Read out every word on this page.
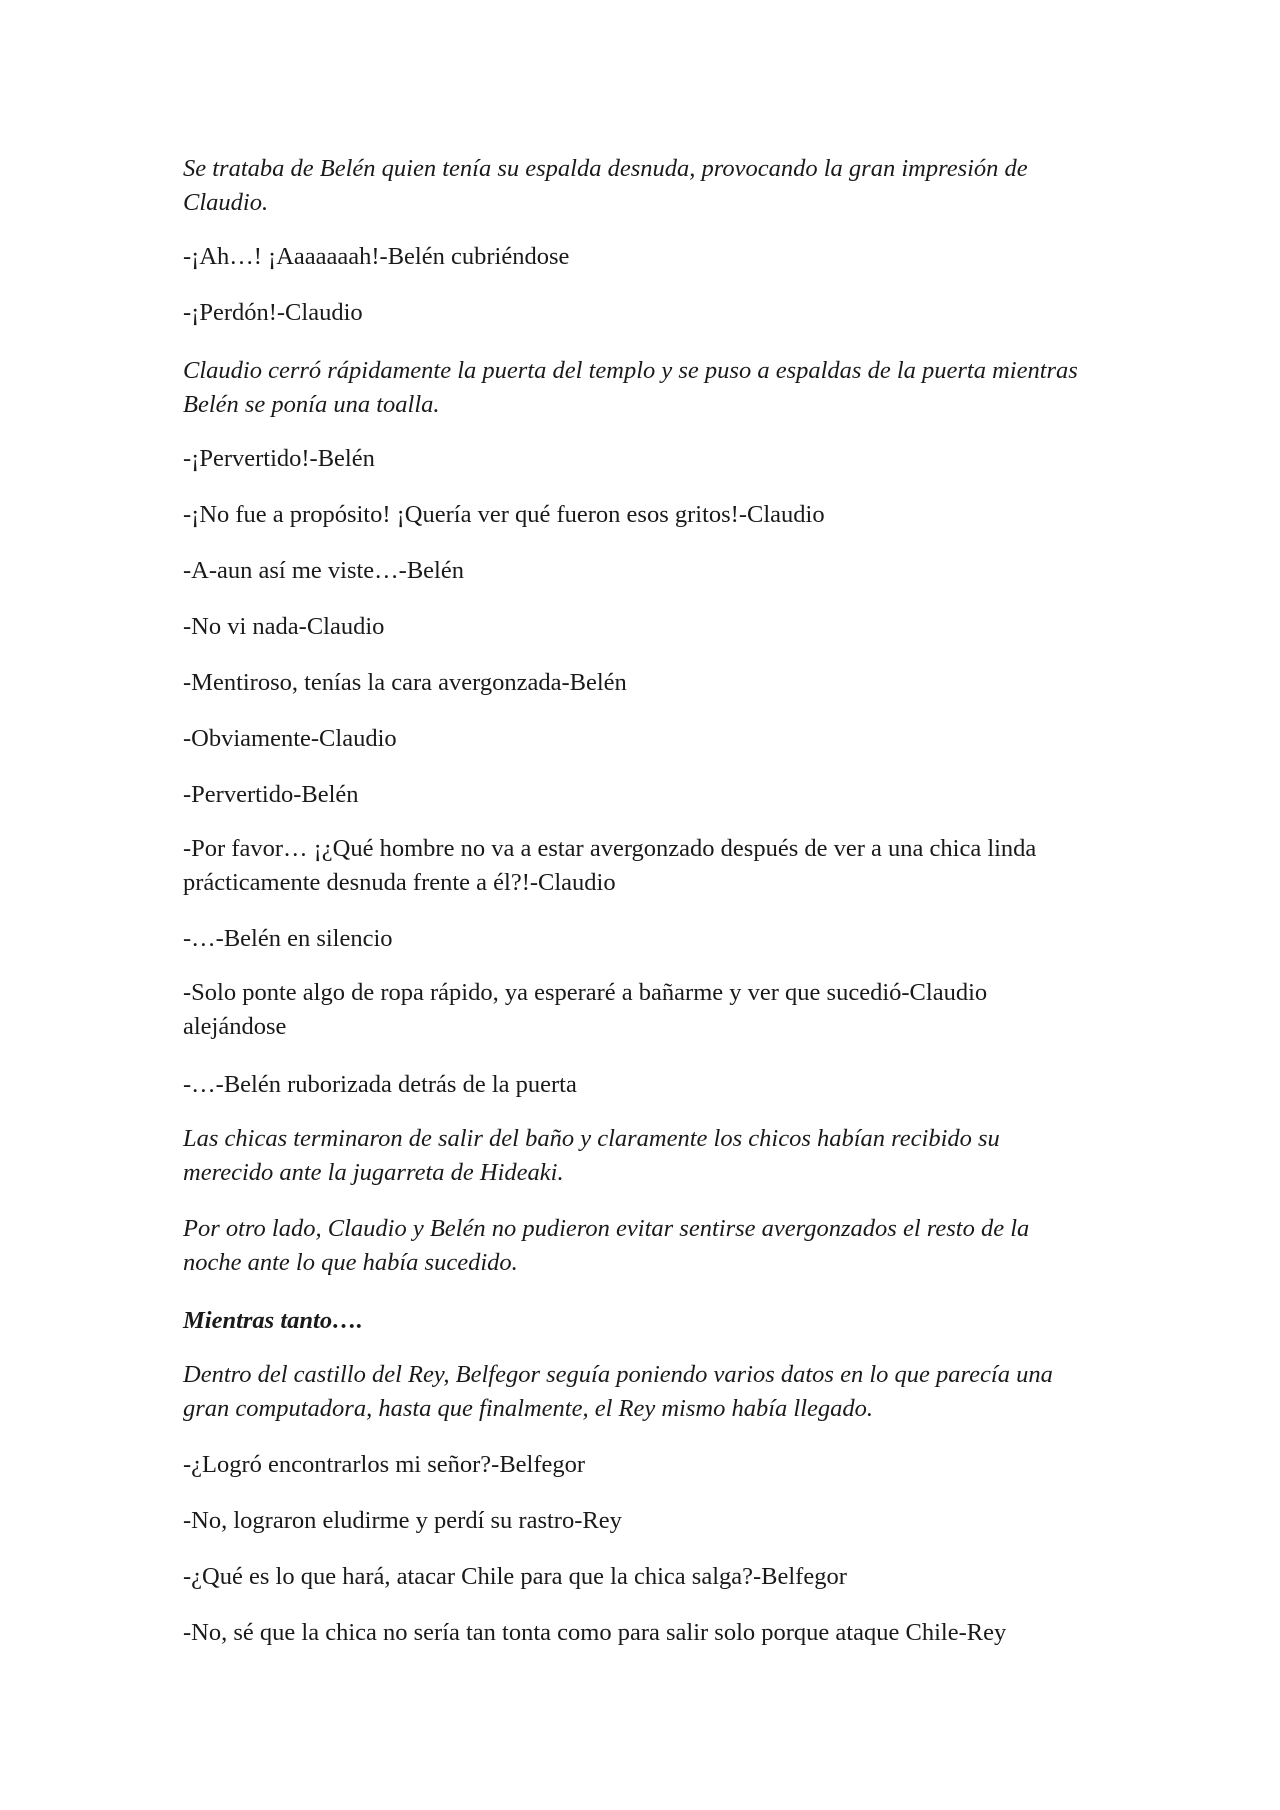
Se trataba de Belén quien tenía su espalda desnuda, provocando la gran impresión de Claudio.

-¡Ah…! ¡Aaaaaaah!-Belén cubriéndose

-¡Perdón!-Claudio

Claudio cerró rápidamente la puerta del templo y se puso a espaldas de la puerta mientras Belén se ponía una toalla.

-¡Pervertido!-Belén

-¡No fue a propósito! ¡Quería ver qué fueron esos gritos!-Claudio

-A-aun así me viste…-Belén

-No vi nada-Claudio

-Mentiroso, tenías la cara avergonzada-Belén

-Obviamente-Claudio

-Pervertido-Belén

-Por favor… ¡¿Qué hombre no va a estar avergonzado después de ver a una chica linda prácticamente desnuda frente a él?!-Claudio

-…-Belén en silencio

-Solo ponte algo de ropa rápido, ya esperaré a bañarme y ver que sucedió-Claudio alejándose

-…-Belén ruborizada detrás de la puerta

Las chicas terminaron de salir del baño y claramente los chicos habían recibido su merecido ante la jugarreta de Hideaki.

Por otro lado, Claudio y Belén no pudieron evitar sentirse avergonzados el resto de la noche ante lo que había sucedido.

Mientras tanto….

Dentro del castillo del Rey, Belfegor seguía poniendo varios datos en lo que parecía una gran computadora, hasta que finalmente, el Rey mismo había llegado.

-¿Logró encontrarlos mi señor?-Belfegor

-No, lograron eludirme y perdí su rastro-Rey

-¿Qué es lo que hará, atacar Chile para que la chica salga?-Belfegor

-No, sé que la chica no sería tan tonta como para salir solo porque ataque Chile-Rey
